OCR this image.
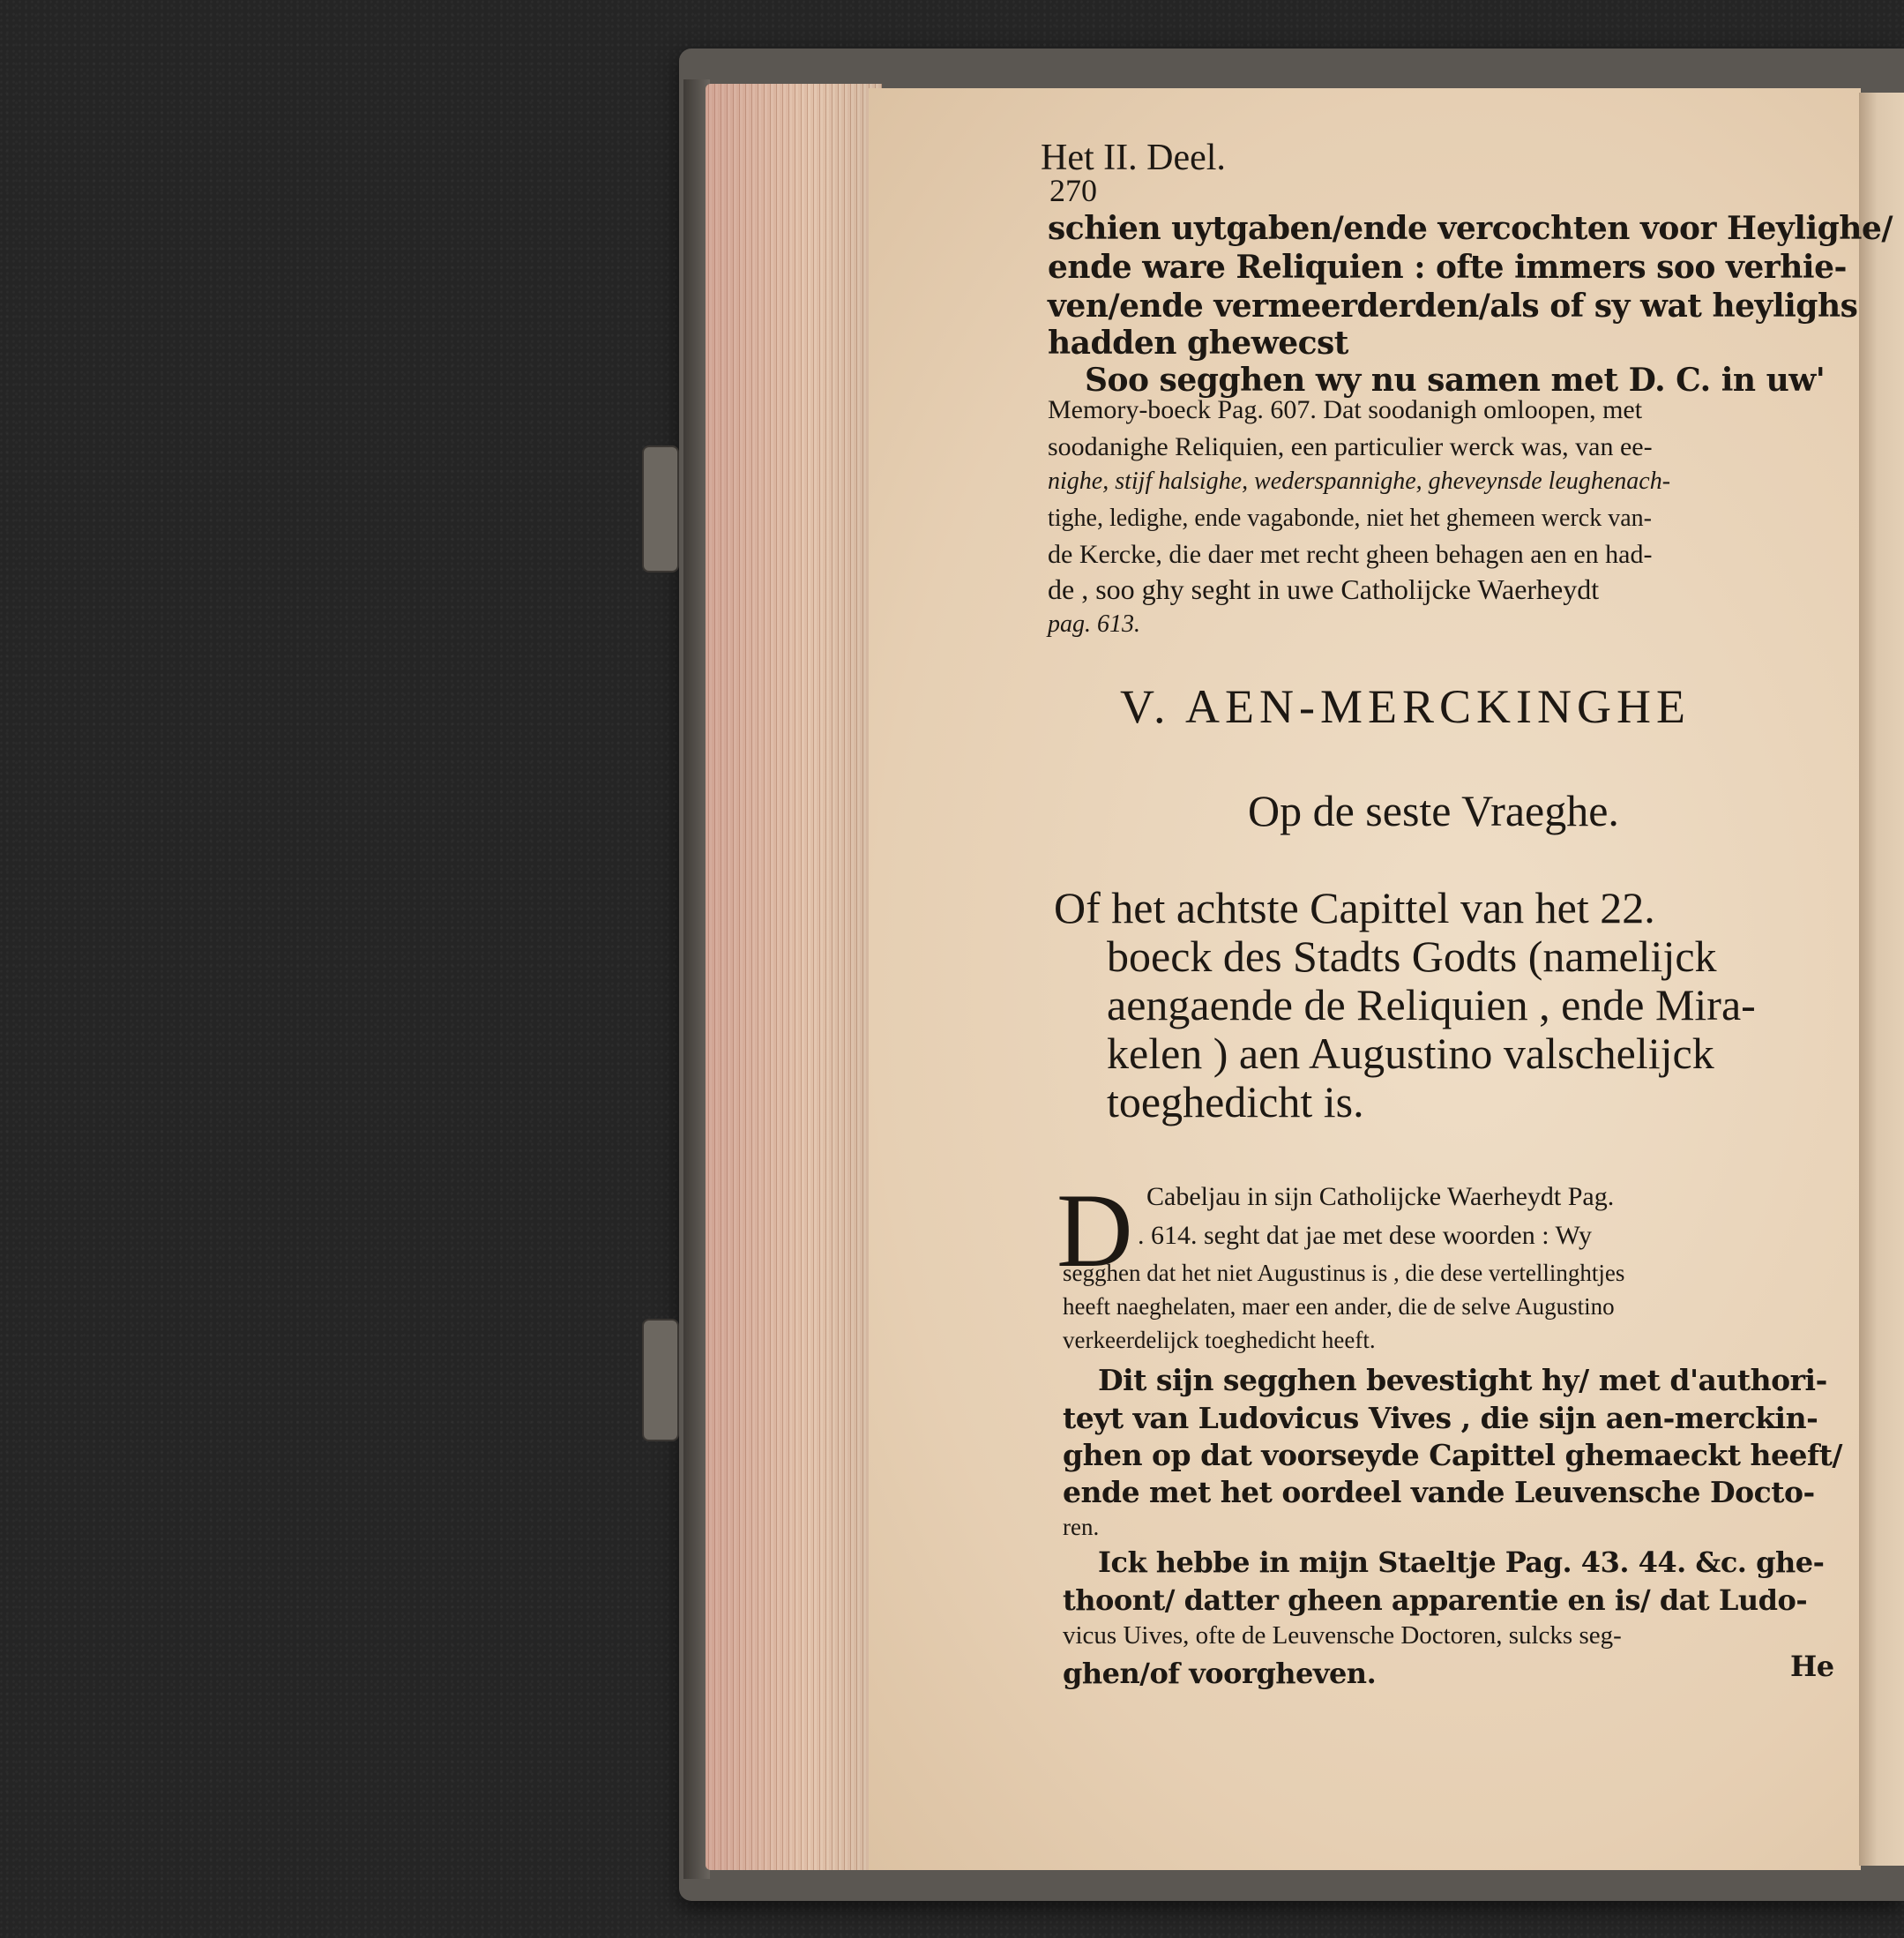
270
Het II. Deel.
schien uytgaben/ende vercochten voor Heylighe/
ende ware Reliquien : ofte immers soo verhie-
ven/ende vermeerderden/als of sy wat heylighs
hadden ghewecst
Soo segghen wy nu samen met D. C. in uw'
Memory-boeck Pag. 607. Dat soodanigh omloopen, met
soodanighe Reliquien, een particulier werck was, van ee-
nighe, stijf halsighe, wederspannighe, gheveynsde leughenach-
tighe, ledighe, ende vagabonde, niet het ghemeen werck van-
de Kercke, die daer met recht gheen behagen aen en had-
de , soo ghy seght in uwe Catholijcke Waerheydt
pag. 613.
V. AEN-MERCKINGHE
Op de seste Vraeghe.
Of het achtste Capittel van het 22.
boeck des Stadts Godts (namelijck
aengaende de Reliquien , ende Mira-
kelen ) aen Augustino valschelijck
toeghedicht is.
D Cabeljau in sijn Catholijcke Waerheydt Pag.
. 614. seght dat jae met dese woorden : Wy
segghen dat het niet Augustinus is , die dese vertellinghtjes
heeft naeghelaten, maer een ander, die de selve Augustino
verkeerdelijck toeghedicht heeft.
Dit sijn segghen bevestight hy/ met d'authori-
teyt van Ludovicus Vives , die sijn aen-merckin-
ghen op dat voorseyde Capittel ghemaeckt heeft/
ende met het oordeel vande Leuvensche Docto-
ren.
Ick hebbe in mijn Staeltje Pag. 43. 44. &c. ghe-
thoont/ datter gheen apparentie en is/ dat Ludo-
vicus Uives, ofte de Leuvensche Doctoren, sulcks seg-
ghen/of voorgheven.	He
